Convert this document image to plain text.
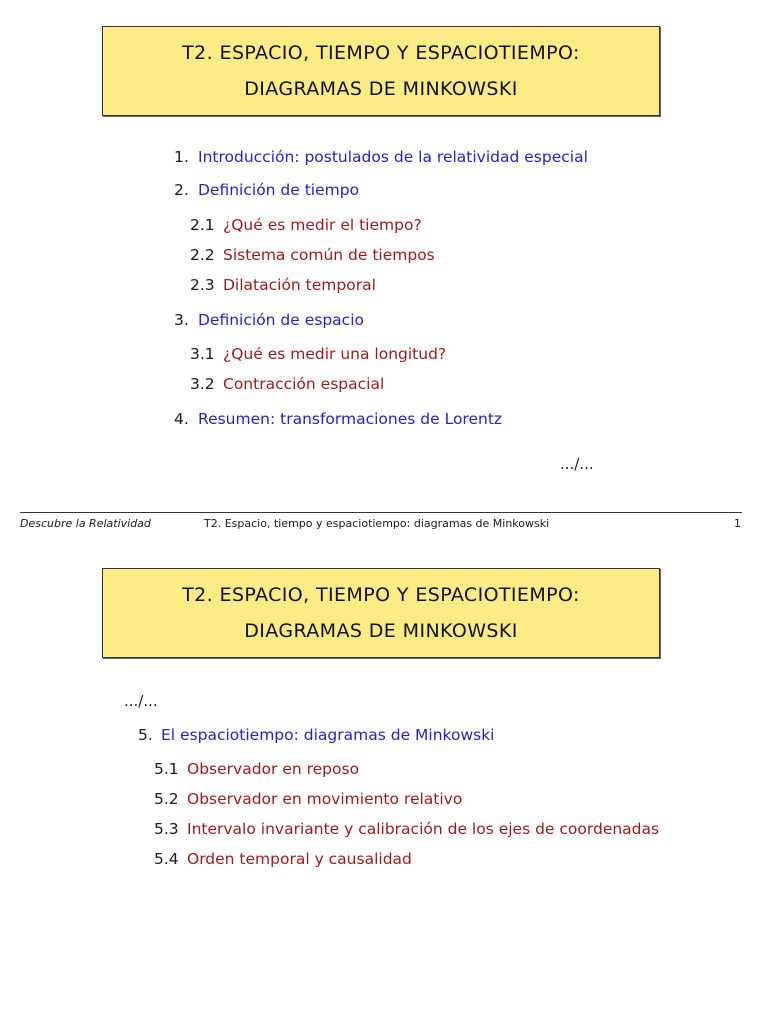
T2. ESPACIO, TIEMPO Y ESPACIOTIEMPO:
DIAGRAMAS DE MINKOWSKI
1. Introducción: postulados de la relatividad especial
2. Definición de tiempo
2.1 ¿Qué es medir el tiempo?
2.2 Sistema común de tiempos
2.3 Dilatación temporal
3. Definición de espacio
3.1 ¿Qué es medir una longitud?
3.2 Contracción espacial
4. Resumen: transformaciones de Lorentz
.../...
Descubre la Relatividad	T2. Espacio, tiempo y espaciotiempo: diagramas de Minkowski	1
T2. ESPACIO, TIEMPO Y ESPACIOTIEMPO:
DIAGRAMAS DE MINKOWSKI
.../...
5. El espaciotiempo: diagramas de Minkowski
5.1 Observador en reposo
5.2 Observador en movimiento relativo
5.3 Intervalo invariante y calibración de los ejes de coordenadas
5.4 Orden temporal y causalidad
